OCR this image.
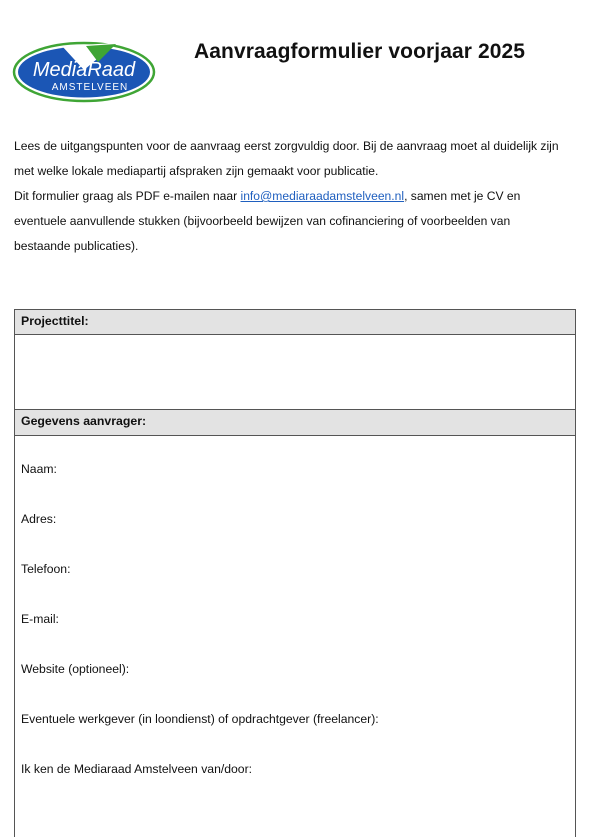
MediaRaad
AMSTELVEEN
Aanvraagformulier voorjaar 2025

Lees de uitgangspunten voor de aanvraag eerst zorgvuldig door. Bij de aanvraag moet al duidelijk zijn
met welke lokale mediapartij afspraken zijn gemaakt voor publicatie.
Dit formulier graag als PDF e-mailen naar info@mediaraadamstelveen.nl, samen met je CV en
eventuele aanvullende stukken (bijvoorbeeld bewijzen van cofinanciering of voorbeelden van
bestaande publicaties).

Projecttitel:
Gegevens aanvrager:
Naam:
Adres:
Telefoon:
E-mail:
Website (optioneel):
Eventuele werkgever (in loondienst) of opdrachtgever (freelancer):
Ik ken de Mediaraad Amstelveen van/door:
